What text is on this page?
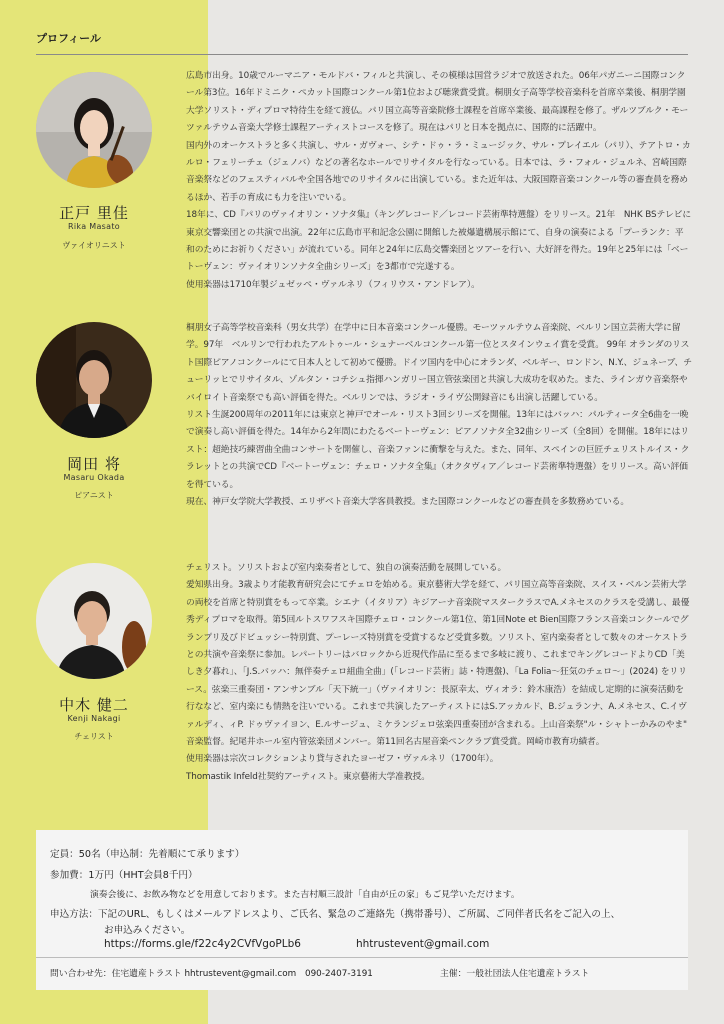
プロフィール
正戸 里佳
Rika Masato
ヴァイオリニスト

広島市出身。10歳でルーマニア・モルドバ・フィルと共演し、その模様は国営ラジオで放送された。06年パガニーニ国際コンクール第3位。16年ドミニク・ペカット国際コンクール第1位および聴衆賞受賞。桐朋女子高等学校音楽科を首席卒業後、桐朋学園大学ソリスト・ディプロマ特待生を経て渡仏。パリ国立高等音楽院修士課程を首席卒業後、最高課程を修了。ザルツブルク・モーツァルテウム音楽大学修士課程アーティストコースを修了。現在はパリと日本を拠点に、国際的に活躍中。

国内外のオーケストラと多く共演し、サル・ガヴォー、シテ・ドゥ・ラ・ミュージック、サル・プレイエル（パリ）、テアトロ・カルロ・フェリーチェ（ジェノバ）などの著名なホールでリサイタルを行なっている。日本では、ラ・フォル・ジュルネ、宮崎国際音楽祭などのフェスティバルや全国各地でのリサイタルに出演している。また近年は、大阪国際音楽コンクール等の審査員を務めるほか、若手の育成にも力を注いでいる。

18年に、CD『パリのヴァイオリン・ソナタ集』（キングレコード／レコード芸術準特選盤）をリリース。21年　NHK BSテレビに東京交響楽団との共演で出演。22年に広島市平和記念公園に開館した被爆遺構展示館にて、自身の演奏による「プーランク：平和のためにお祈りください」が流れている。同年と24年に広島交響楽団とツアーを行い、大好評を得た。19年と25年には「ベートーヴェン：ヴァイオリンソナタ全曲シリーズ」を3都市で完遂する。

使用楽器は1710年製ジュゼッペ・ヴァルネリ（フィリウス・アンドレア）。

岡田 将
Masaru Okada
ピアニスト

桐朋女子高等学校音楽科（男女共学）在学中に日本音楽コンクール優勝。モーツァルテウム音楽院、ベルリン国立芸術大学に留学。97年　ベルリンで行われたアルトゥール・シュナーベルコンクール第一位とスタインウェイ賞を受賞。 99年 オランダのリスト国際ピアノコンクールにて日本人として初めて優勝。ドイツ国内を中心にオランダ、ベルギー、ロンドン、N.Y.、ジュネーブ、チューリッヒでリサイタル、ゾルタン・コチシュ指揮ハンガリー国立管弦楽団と共演し大成功を収めた。また、ラインガウ音楽祭やバイロイト音楽祭でも高い評価を得た。ベルリンでは、ラジオ・ライヴ公開録音にも出演し活躍している。

リスト生誕200周年の2011年には東京と神戸でオール・リスト3回シリーズを開催。13年にはバッハ：パルティータ全6曲を一晩で演奏し高い評価を得た。14年から2年間にわたるベートーヴェン：ピアノソナタ全32曲シリーズ（全8回）を開催。18年にはリスト：超絶技巧練習曲全曲コンサートを開催し、音楽ファンに衝撃を与えた。また、同年、スペインの巨匠チェリストルイス・クラレットとの共演でCD『ベートーヴェン：チェロ・ソナタ全集』（オクタヴィア／レコード芸術準特選盤）をリリース。高い評価を得ている。

現在、神戸女学院大学教授、エリザベト音楽大学客員教授。また国際コンクールなどの審査員を多数務めている。

中木 健二
Kenji Nakagi
チェリスト

チェリスト。ソリストおよび室内楽奏者として、独自の演奏活動を展開している。

愛知県出身。3歳より才能教育研究会にてチェロを始める。東京藝術大学を経て、パリ国立高等音楽院、スイス・ベルン芸術大学の両校を首席と特別賞をもって卒業。シエナ（イタリア）キジアーナ音楽院マスタークラスでA.メネセスのクラスを受講し、最優秀ディプロマを取得。第5回ルトスワフスキ国際チェロ・コンクール第1位、第1回Note et Bien国際フランス音楽コンクールでグランプリ及びドビュッシー特別賞、プーレーズ特別賞を受賞するなど受賞多数。ソリスト、室内楽奏者として数々のオーケストラとの共演や音楽祭に参加。レパートリーはバロックから近現代作品に至るまで多岐に渡り、これまでキングレコードよりCD「美しき夕暮れ」、「J.S.バッハ：無伴奏チェロ組曲全曲」(「レコード芸術」誌・特選盤)、「La Folia〜狂気のチェロ〜」(2024) をリリース。弦楽三重奏団・アンサンブル「天下統一」（ヴァイオリン：長原幸太、ヴィオラ：鈴木康浩）を結成し定期的に演奏活動を行ななど、室内楽にも情熱を注いでいる。これまで共演したアーティストにはS.アッカルド、B.ジュランナ、A.メネセス、C.イヴァルディ、ィP. ドゥヴァイヨン、E.ルサージュ、ミケランジェロ弦楽四重奏団が含まれる。上山音楽祭"ル・シャトーかみのやま"　音楽監督。紀尾井ホール室内管弦楽団メンバー。第11回名古屋音楽ペンクラブ賞受賞。岡崎市教育功績者。

使用楽器は宗次コレクションより貸与されたヨーゼフ・ヴァルネリ（1700年）。

Thomastik Infeld社契約アーティスト。東京藝術大学准教授。

定員：50名（申込制：先着順にて承ります）
参加費：1万円（HHT会員8千円）
演奏会後に、お飲み物などを用意しております。また吉村順三設計「自由が丘の家」もご見学いただけます。
申込方法：下記のURL、もしくはメールアドレスより、ご氏名、緊急のご連絡先（携帯番号）、ご所属、ご同伴者氏名をご記入の上、
お申込みください。
https://forms.gle/f22c4y2CVfVgoPLb6	hhtrustevent@gmail.com
問い合わせ先：住宅遺産トラスト hhtrustevent@gmail.com　090-2407-3191	主催：一般社団法人住宅遺産トラスト
